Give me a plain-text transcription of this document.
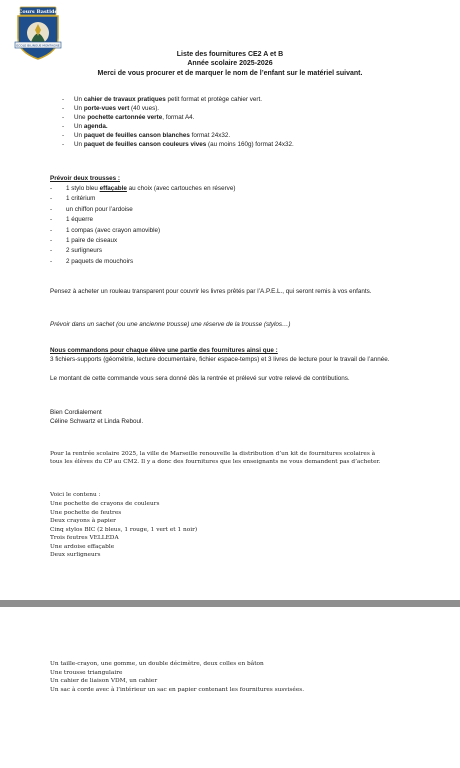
Cours Bastide
ECOLE BILINGUE MONTAGNE
Liste des fournitures CE2 A et B
Année scolaire 2025-2026
Merci de vous procurer et de marquer le nom de l’enfant sur le matériel suivant.
- Un cahier de travaux pratiques petit format et protège cahier vert.
- Un porte-vues vert (40 vues).
- Une pochette cartonnée verte, format A4.
- Un agenda.
- Un paquet de feuilles canson blanches format 24x32.
- Un paquet de feuilles canson couleurs vives (au moins 160g) format 24x32.
Prévoir deux trousses :
- 1 stylo bleu effaçable au choix (avec cartouches en réserve)
- 1 critérium
- un chiffon pour l’ardoise
- 1 équerre
- 1 compas (avec crayon amovible)
- 1 paire de ciseaux
- 2 surligneurs
- 2 paquets de mouchoirs
Pensez à acheter un rouleau transparent pour couvrir les livres prêtés par l’A.P.E.L., qui seront remis à vos enfants.
Prévoir dans un sachet (ou une ancienne trousse) une réserve de la trousse (stylos…)
Nous commandons pour chaque élève une partie des fournitures ainsi que :
3 fichiers-supports (géométrie, lecture documentaire, fichier espace-temps) et 3 livres de lecture pour le travail de l’année.
Le montant de cette commande vous sera donné dès la rentrée et prélevé sur votre relevé de contributions.
Bien Cordialement
Céline Schwartz et Linda Reboul.
Pour la rentrée scolaire 2025, la ville de Marseille renouvelle la distribution d’un kit de fournitures scolaires à tous les élèves du CP au CM2. Il y a donc des fournitures que les enseignants ne vous demandent pas d’acheter.
Voici le contenu :
Une pochette de crayons de couleurs
Une pochette de feutres
Deux crayons à papier
Cinq stylos BIC (2 bleus, 1 rouge, 1 vert et 1 noir)
Trois feutres VELLEDA
Une ardoise effaçable
Deux surligneurs
Un taille-crayon, une gomme, un double décimètre, deux colles en bâton
Une trousse triangulaire
Un cahier de liaison VDM, un cahier
Un sac à corde avec à l’intérieur un sac en papier contenant les fournitures susvisées.
